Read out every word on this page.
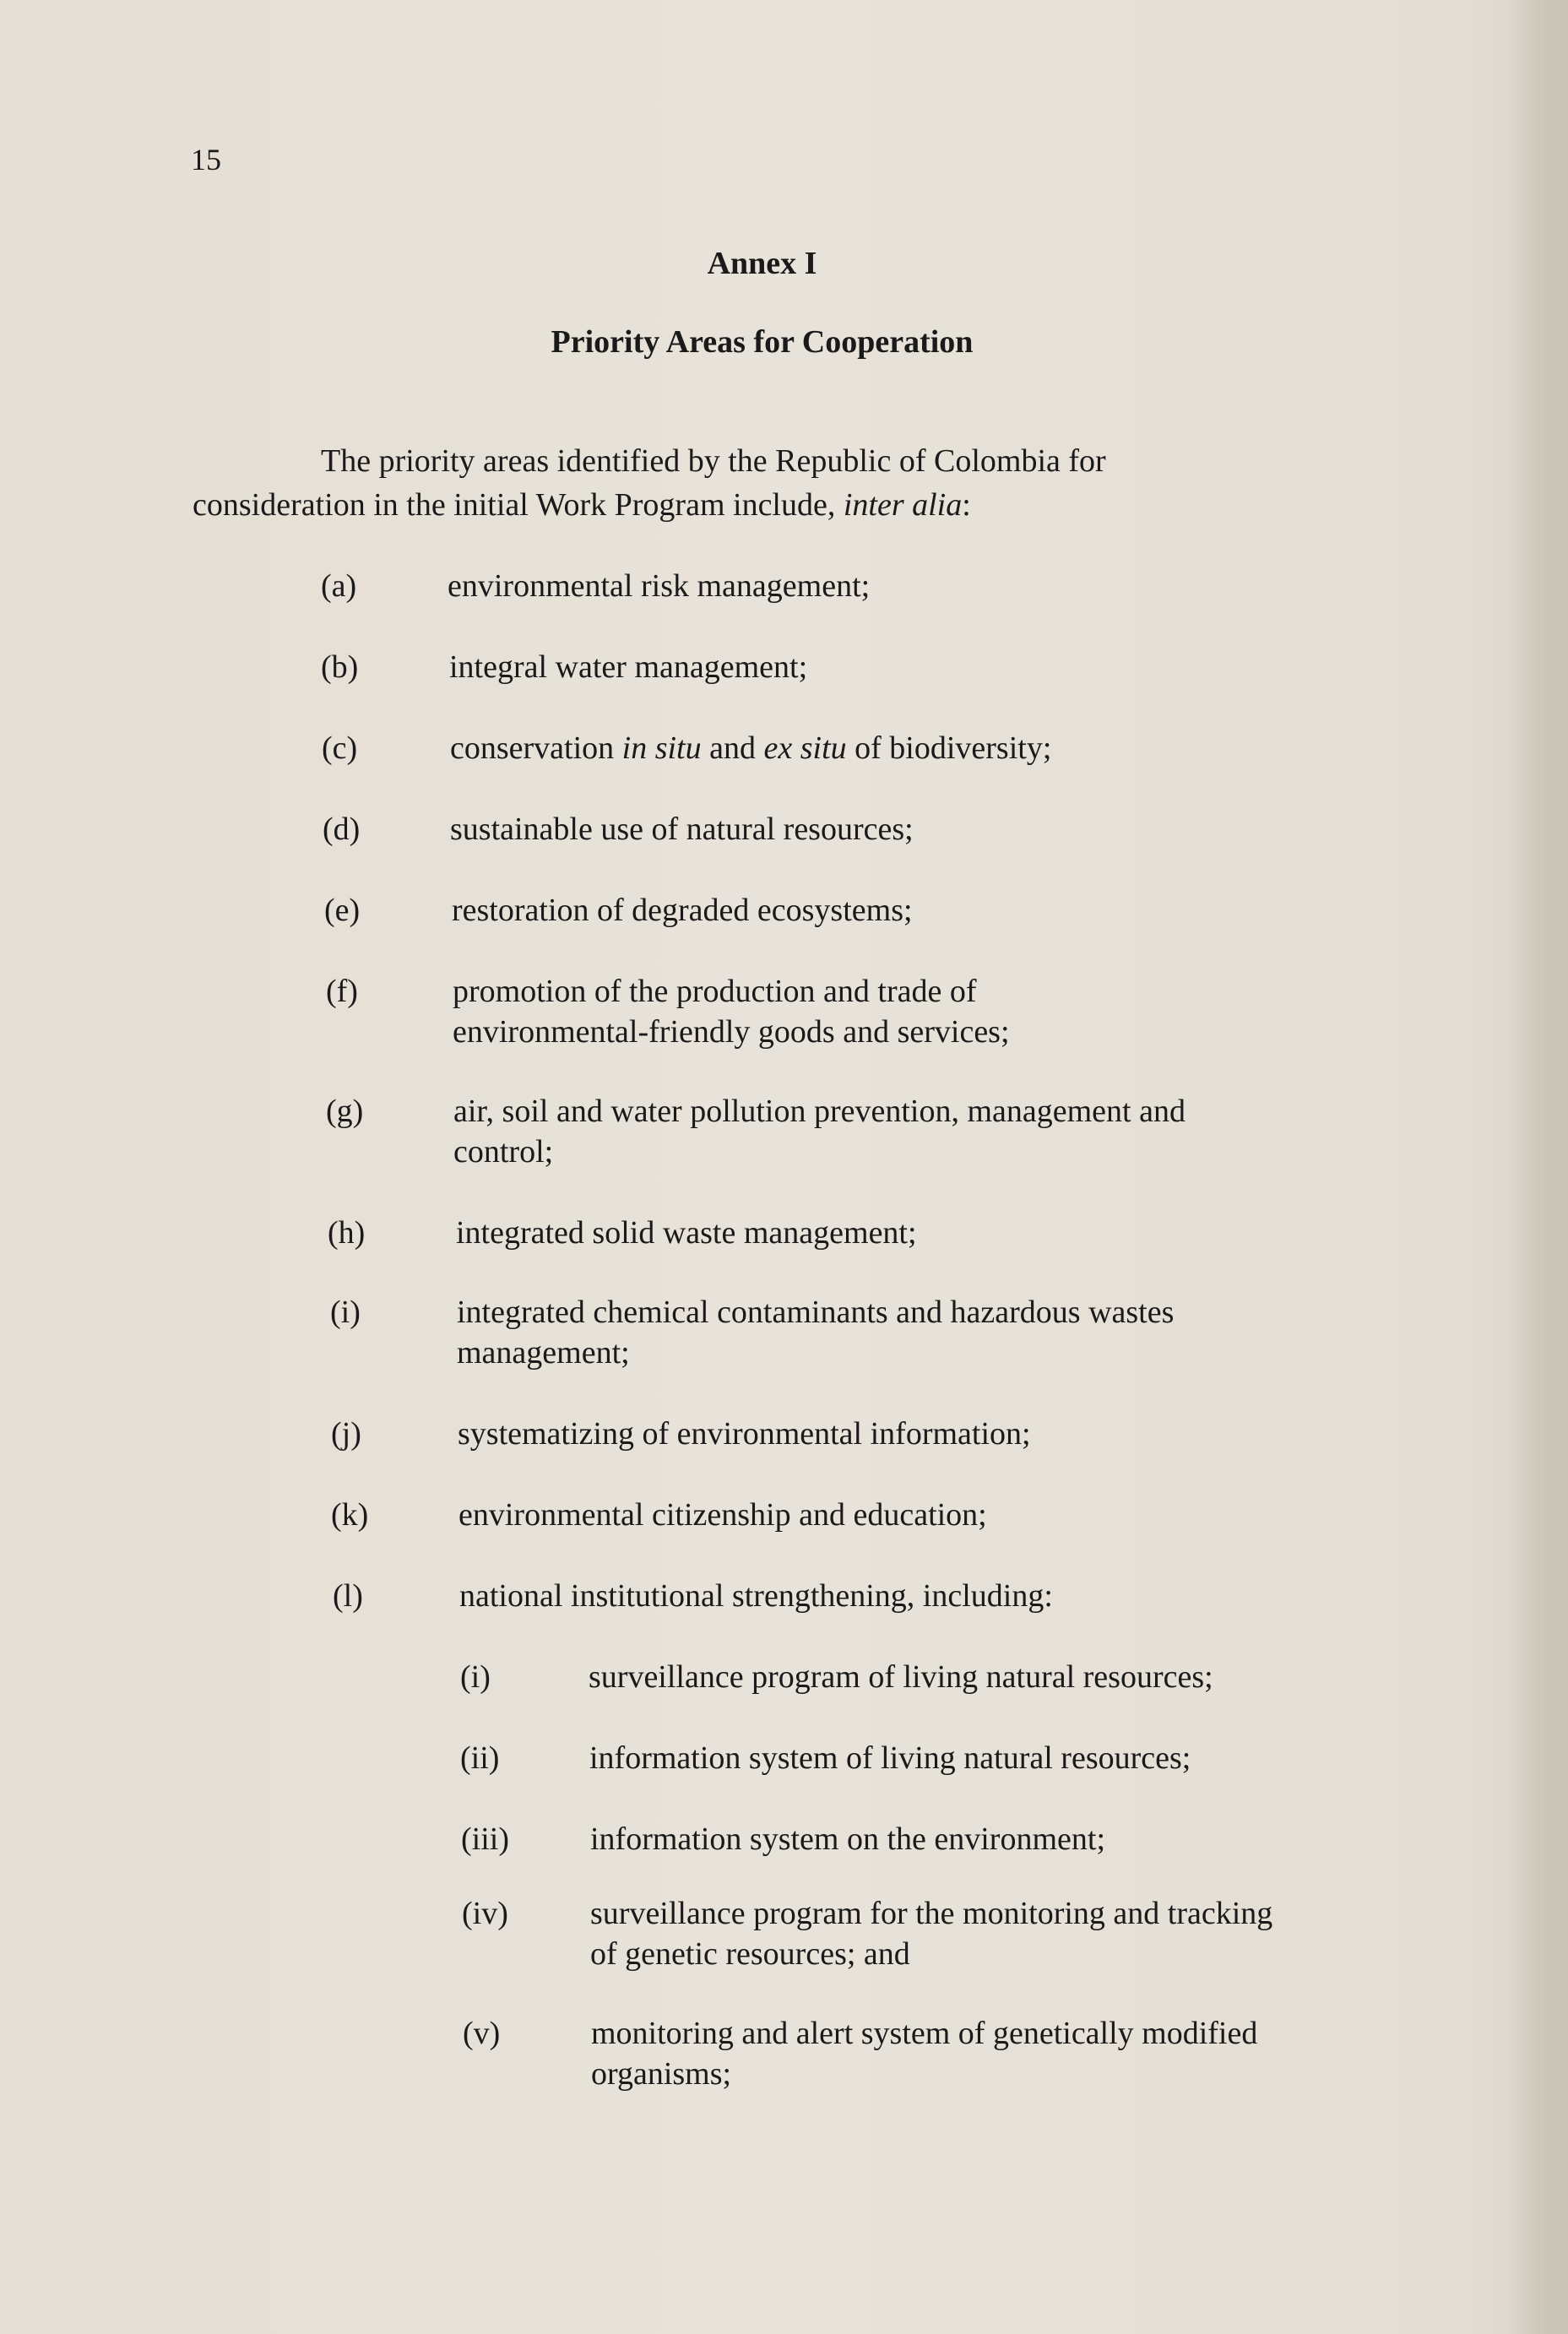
15
Annex I
Priority Areas for Cooperation
The priority areas identified by the Republic of Colombia for
consideration in the initial Work Program include, inter alia:
(a)	environmental risk management;
(b)	integral water management;
(c)	conservation in situ and ex situ of biodiversity;
(d)	sustainable use of natural resources;
(e)	restoration of degraded ecosystems;
(f)	promotion of the production and trade of
environmental-friendly goods and services;
(g)	air, soil and water pollution prevention, management and
control;
(h)	integrated solid waste management;
(i)	integrated chemical contaminants and hazardous wastes
management;
(j)	systematizing of environmental information;
(k)	environmental citizenship and education;
(l)	national institutional strengthening, including:
(i)	surveillance program of living natural resources;
(ii)	information system of living natural resources;
(iii)	information system on the environment;
(iv)	surveillance program for the monitoring and tracking
of genetic resources; and
(v)	monitoring and alert system of genetically modified
organisms;
